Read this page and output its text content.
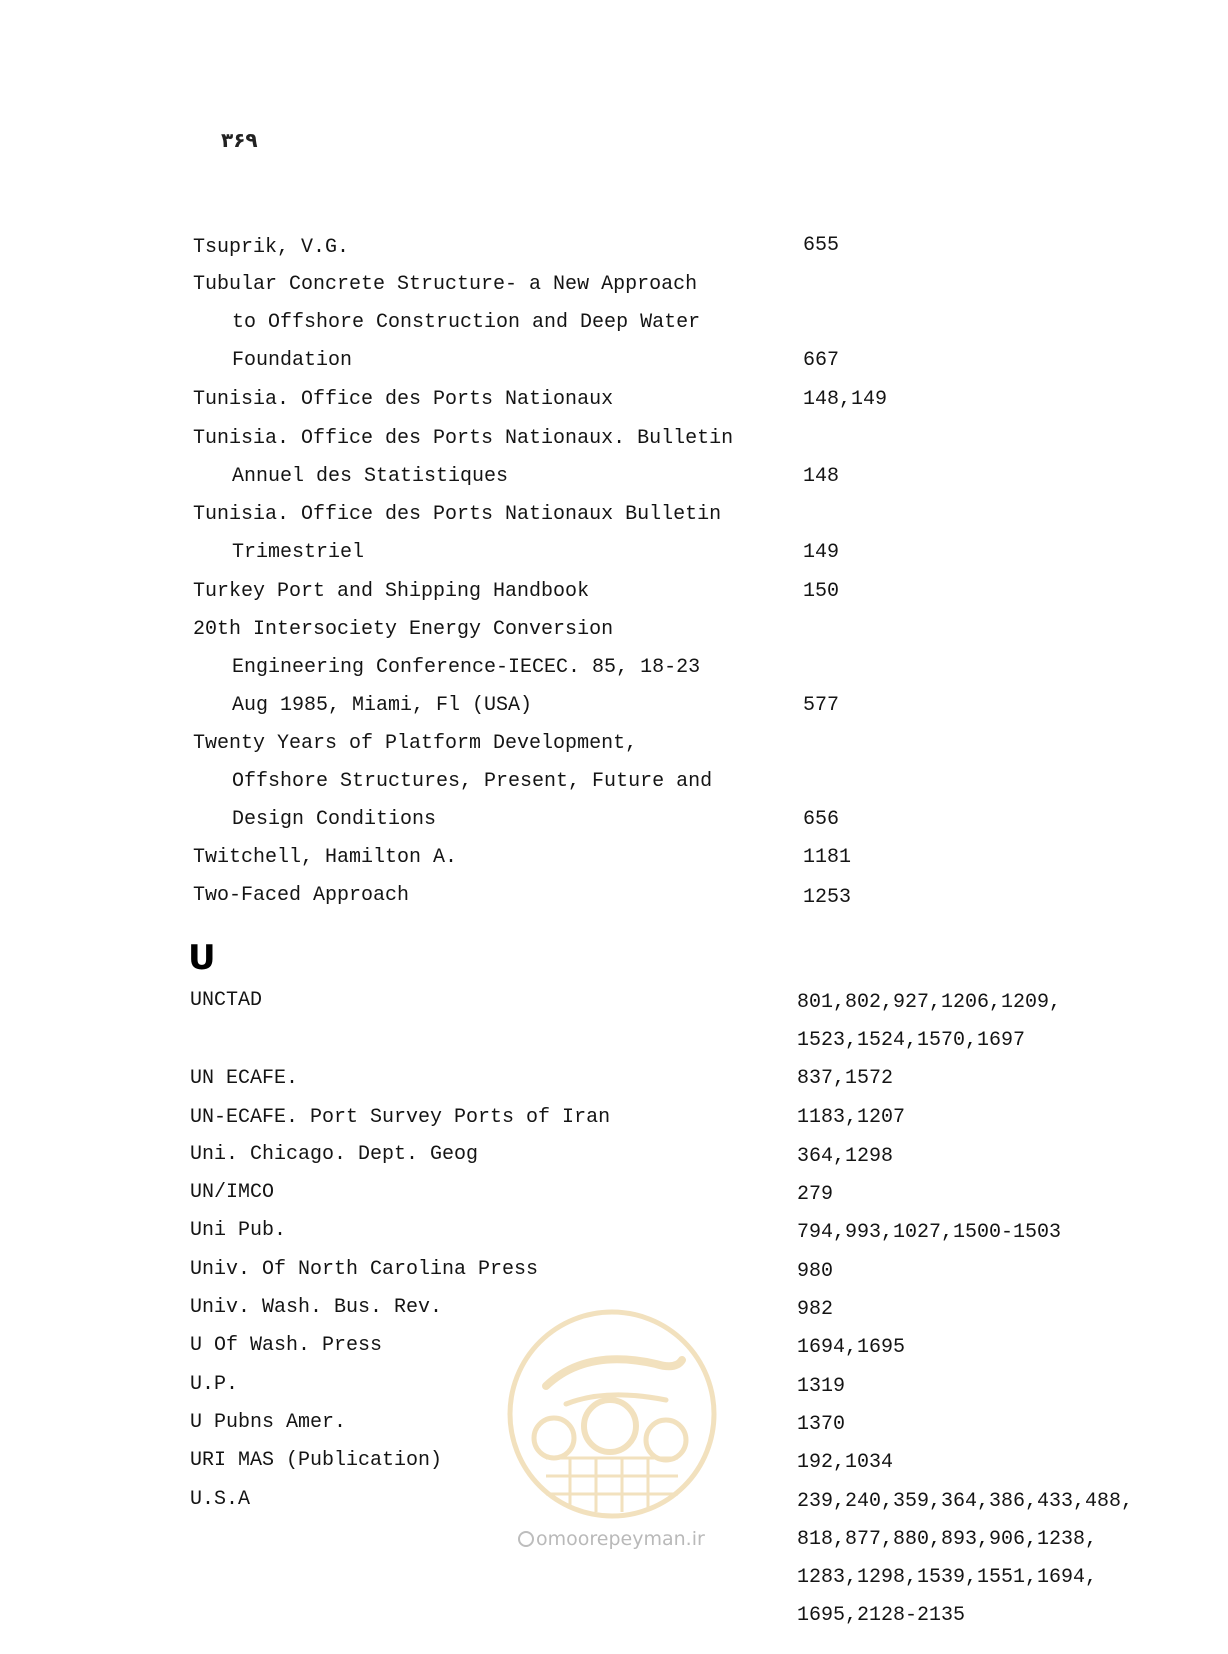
۳۶۹
Tsuprik, V.G.	655
Tubular Concrete Structure- a New Approach
to Offshore Construction and Deep Water
Foundation	667
Tunisia. Office des Ports Nationaux	148,149
Tunisia. Office des Ports Nationaux. Bulletin
Annuel des Statistiques	148
Tunisia. Office des Ports Nationaux Bulletin
Trimestriel	149
Turkey Port and Shipping Handbook	150
20th Intersociety Energy Conversion
Engineering Conference-IECEC. 85, 18-23
Aug 1985, Miami, Fl (USA)	577
Twenty Years of Platform Development,
Offshore Structures, Present, Future and
Design Conditions	656
Twitchell, Hamilton A.	1181
Two-Faced Approach	1253
U
UNCTAD	801,802,927,1206,1209,
1523,1524,1570,1697
UN ECAFE.	837,1572
UN-ECAFE. Port Survey Ports of Iran	1183,1207
Uni. Chicago. Dept. Geog	364,1298
UN/IMCO	279
Uni Pub.	794,993,1027,1500-1503
Univ. Of North Carolina Press	980
Univ. Wash. Bus. Rev.	982
U Of Wash. Press	1694,1695
U.P.	1319
U Pubns Amer.	1370
URI MAS (Publication)	192,1034
U.S.A	239,240,359,364,386,433,488,
818,877,880,893,906,1238,
1283,1298,1539,1551,1694,
1695,2128-2135
omoorepeyman.ir
